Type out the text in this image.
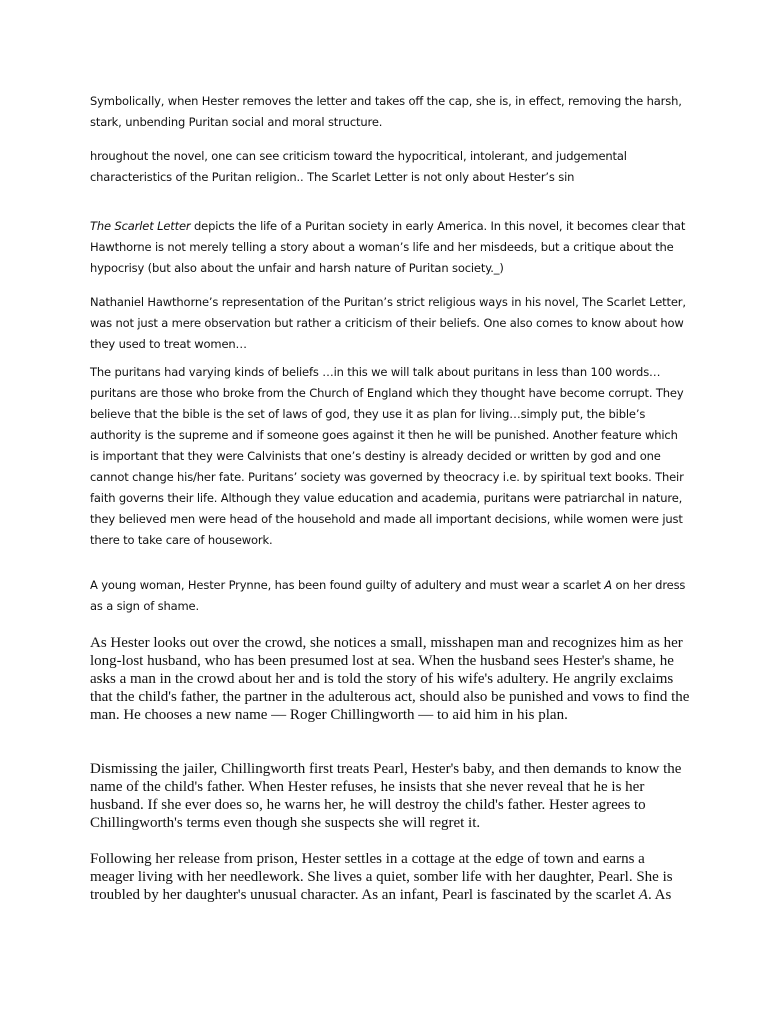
Symbolically, when Hester removes the letter and takes off the cap, she is, in effect, removing the harsh, stark, unbending Puritan social and moral structure.

hroughout the novel, one can see criticism toward the hypocritical, intolerant, and judgemental characteristics of the Puritan religion.. The Scarlet Letter is not only about Hester’s sin

The Scarlet Letter depicts the life of a Puritan society in early America. In this novel, it becomes clear that Hawthorne is not merely telling a story about a woman’s life and her misdeeds, but a critique about the hypocrisy (but also about the unfair and harsh nature of Puritan society._)

Nathaniel Hawthorne’s representation of the Puritan’s strict religious ways in his novel, The Scarlet Letter, was not just a mere observation but rather a criticism of their beliefs. One also comes to know about how they used to treat women…

The puritans had varying kinds of beliefs …in this we will talk about puritans in less than 100 words…puritans are those who broke from the Church of England which they thought have become corrupt. They believe that the bible is the set of laws of god, they use it as plan for living…simply put, the bible’s authority is the supreme and if someone goes against it then he will be punished. Another feature which is important that they were Calvinists that one’s destiny is already decided or written by god and one cannot change his/her fate. Puritans’ society was governed by theocracy i.e. by spiritual text books. Their faith governs their life. Although they value education and academia, puritans were patriarchal in nature, they believed men were head of the household and made all important decisions, while women were just there to take care of housework.

A young woman, Hester Prynne, has been found guilty of adultery and must wear a scarlet A on her dress as a sign of shame.

As Hester looks out over the crowd, she notices a small, misshapen man and recognizes him as her long-lost husband, who has been presumed lost at sea. When the husband sees Hester's shame, he asks a man in the crowd about her and is told the story of his wife's adultery. He angrily exclaims that the child's father, the partner in the adulterous act, should also be punished and vows to find the man. He chooses a new name — Roger Chillingworth — to aid him in his plan.

Dismissing the jailer, Chillingworth first treats Pearl, Hester's baby, and then demands to know the name of the child's father. When Hester refuses, he insists that she never reveal that he is her husband. If she ever does so, he warns her, he will destroy the child's father. Hester agrees to Chillingworth's terms even though she suspects she will regret it.

Following her release from prison, Hester settles in a cottage at the edge of town and earns a meager living with her needlework. She lives a quiet, somber life with her daughter, Pearl. She is troubled by her daughter's unusual character. As an infant, Pearl is fascinated by the scarlet A. As
